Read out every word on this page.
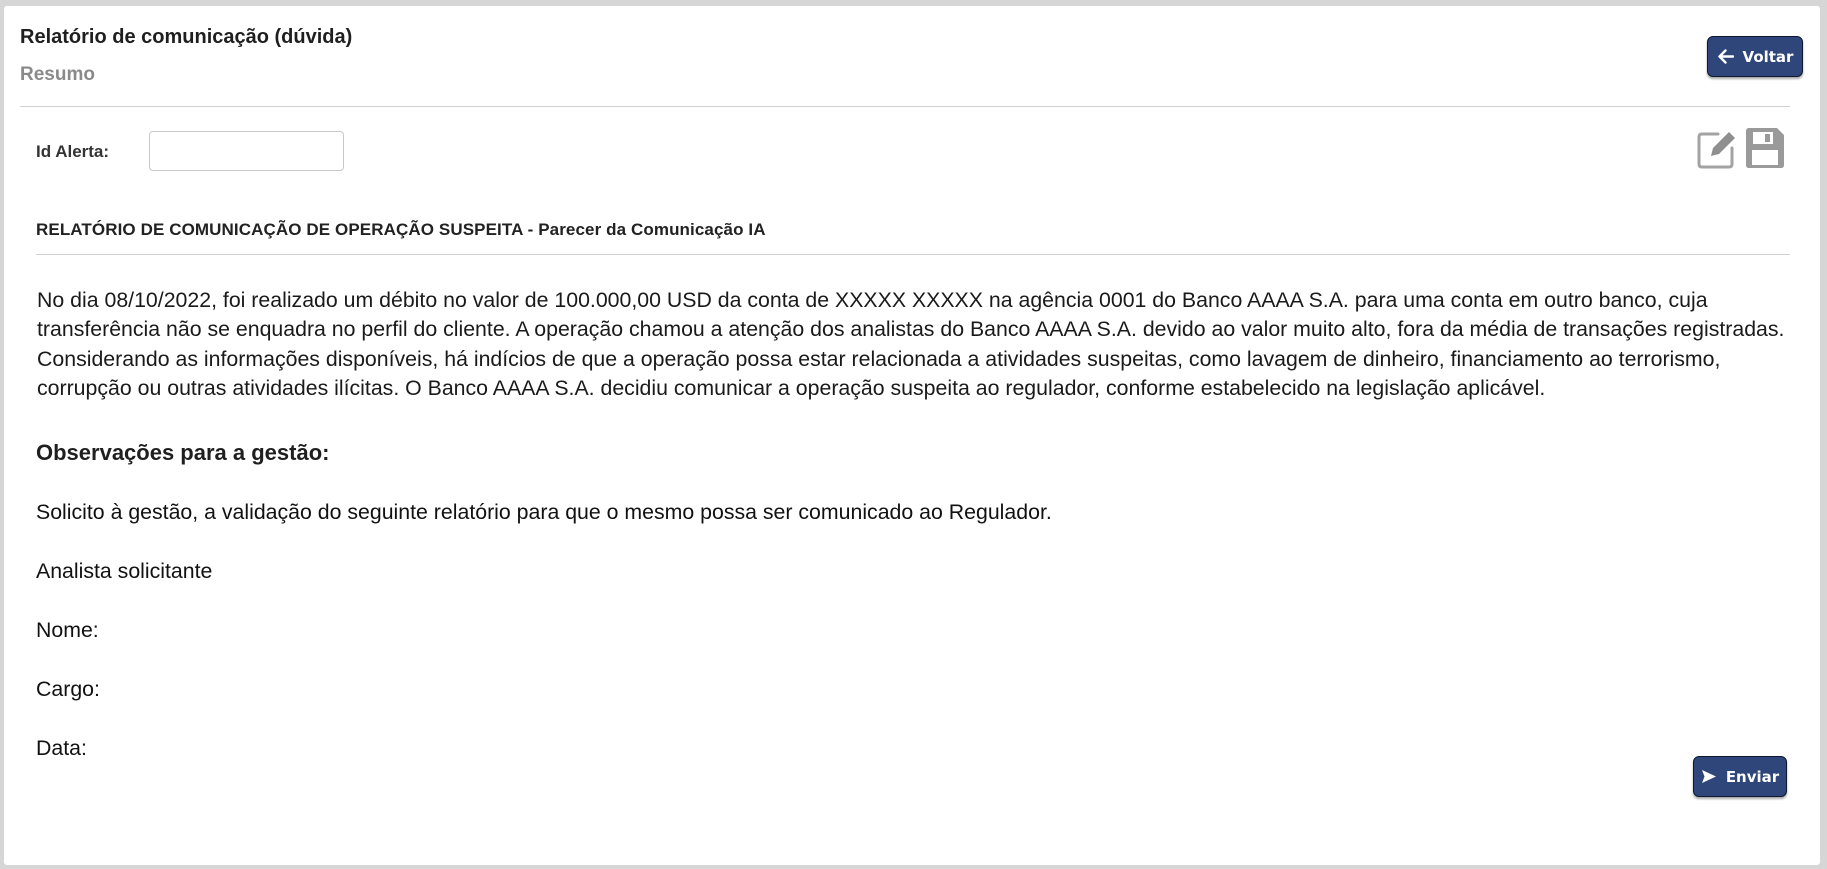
Relatório de comunicação (dúvida)
Resumo
Voltar
Id Alerta:
RELATÓRIO DE COMUNICAÇÃO DE OPERAÇÃO SUSPEITA - Parecer da Comunicação IA

No dia 08/10/2022, foi realizado um débito no valor de 100.000,00 USD da conta de XXXXX XXXXX na agência 0001 do Banco AAAA S.A. para uma conta em outro banco, cuja transferência não se enquadra no perfil do cliente. A operação chamou a atenção dos analistas do Banco AAAA S.A. devido ao valor muito alto, fora da média de transações registradas. Considerando as informações disponíveis, há indícios de que a operação possa estar relacionada a atividades suspeitas, como lavagem de dinheiro, financiamento ao terrorismo, corrupção ou outras atividades ilícitas. O Banco AAAA S.A. decidiu comunicar a operação suspeita ao regulador, conforme estabelecido na legislação aplicável.

Observações para a gestão:
Solicito à gestão, a validação do seguinte relatório para que o mesmo possa ser comunicado ao Regulador.
Analista solicitante
Nome:
Cargo:
Data:
Enviar
